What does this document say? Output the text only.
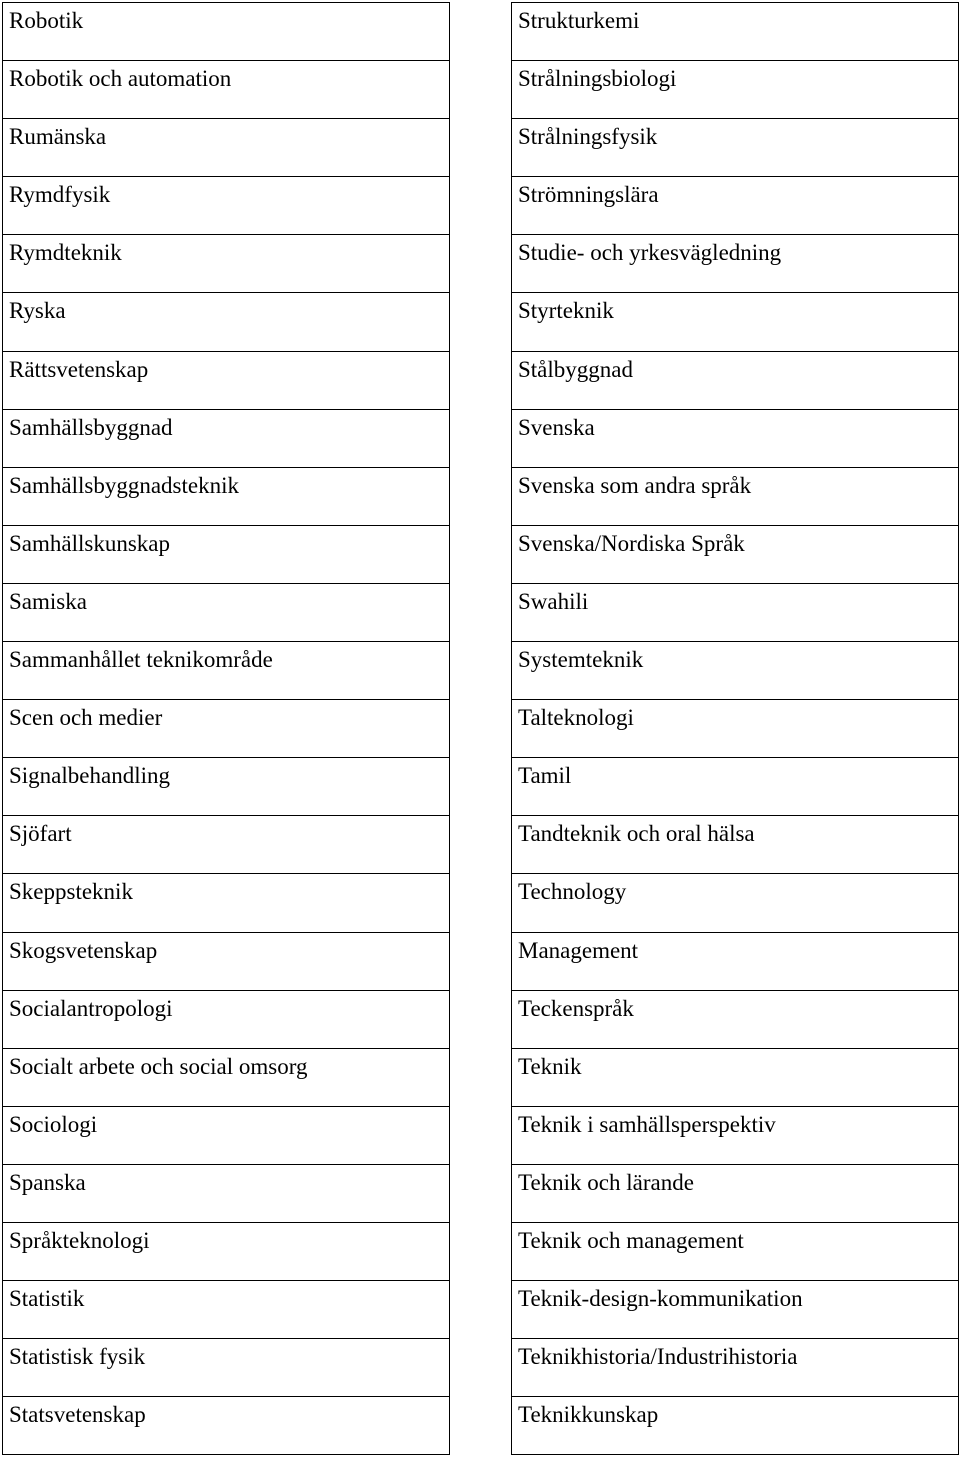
Robotik
Robotik och automation
Rumänska
Rymdfysik
Rymdteknik
Ryska
Rättsvetenskap
Samhällsbyggnad
Samhällsbyggnadsteknik
Samhällskunskap
Samiska
Sammanhållet teknikområde
Scen och medier
Signalbehandling
Sjöfart
Skeppsteknik
Skogsvetenskap
Socialantropologi
Socialt arbete och social omsorg
Sociologi
Spanska
Språkteknologi
Statistik
Statistisk fysik
Statsvetenskap
Strukturkemi
Strålningsbiologi
Strålningsfysik
Strömningslära
Studie- och yrkesvägledning
Styrteknik
Stålbyggnad
Svenska
Svenska som andra språk
Svenska/Nordiska Språk
Swahili
Systemteknik
Talteknologi
Tamil
Tandteknik och oral hälsa
Technology
Management
Teckenspråk
Teknik
Teknik i samhällsperspektiv
Teknik och lärande
Teknik och management
Teknik-design-kommunikation
Teknikhistoria/Industrihistoria
Teknikkunskap
